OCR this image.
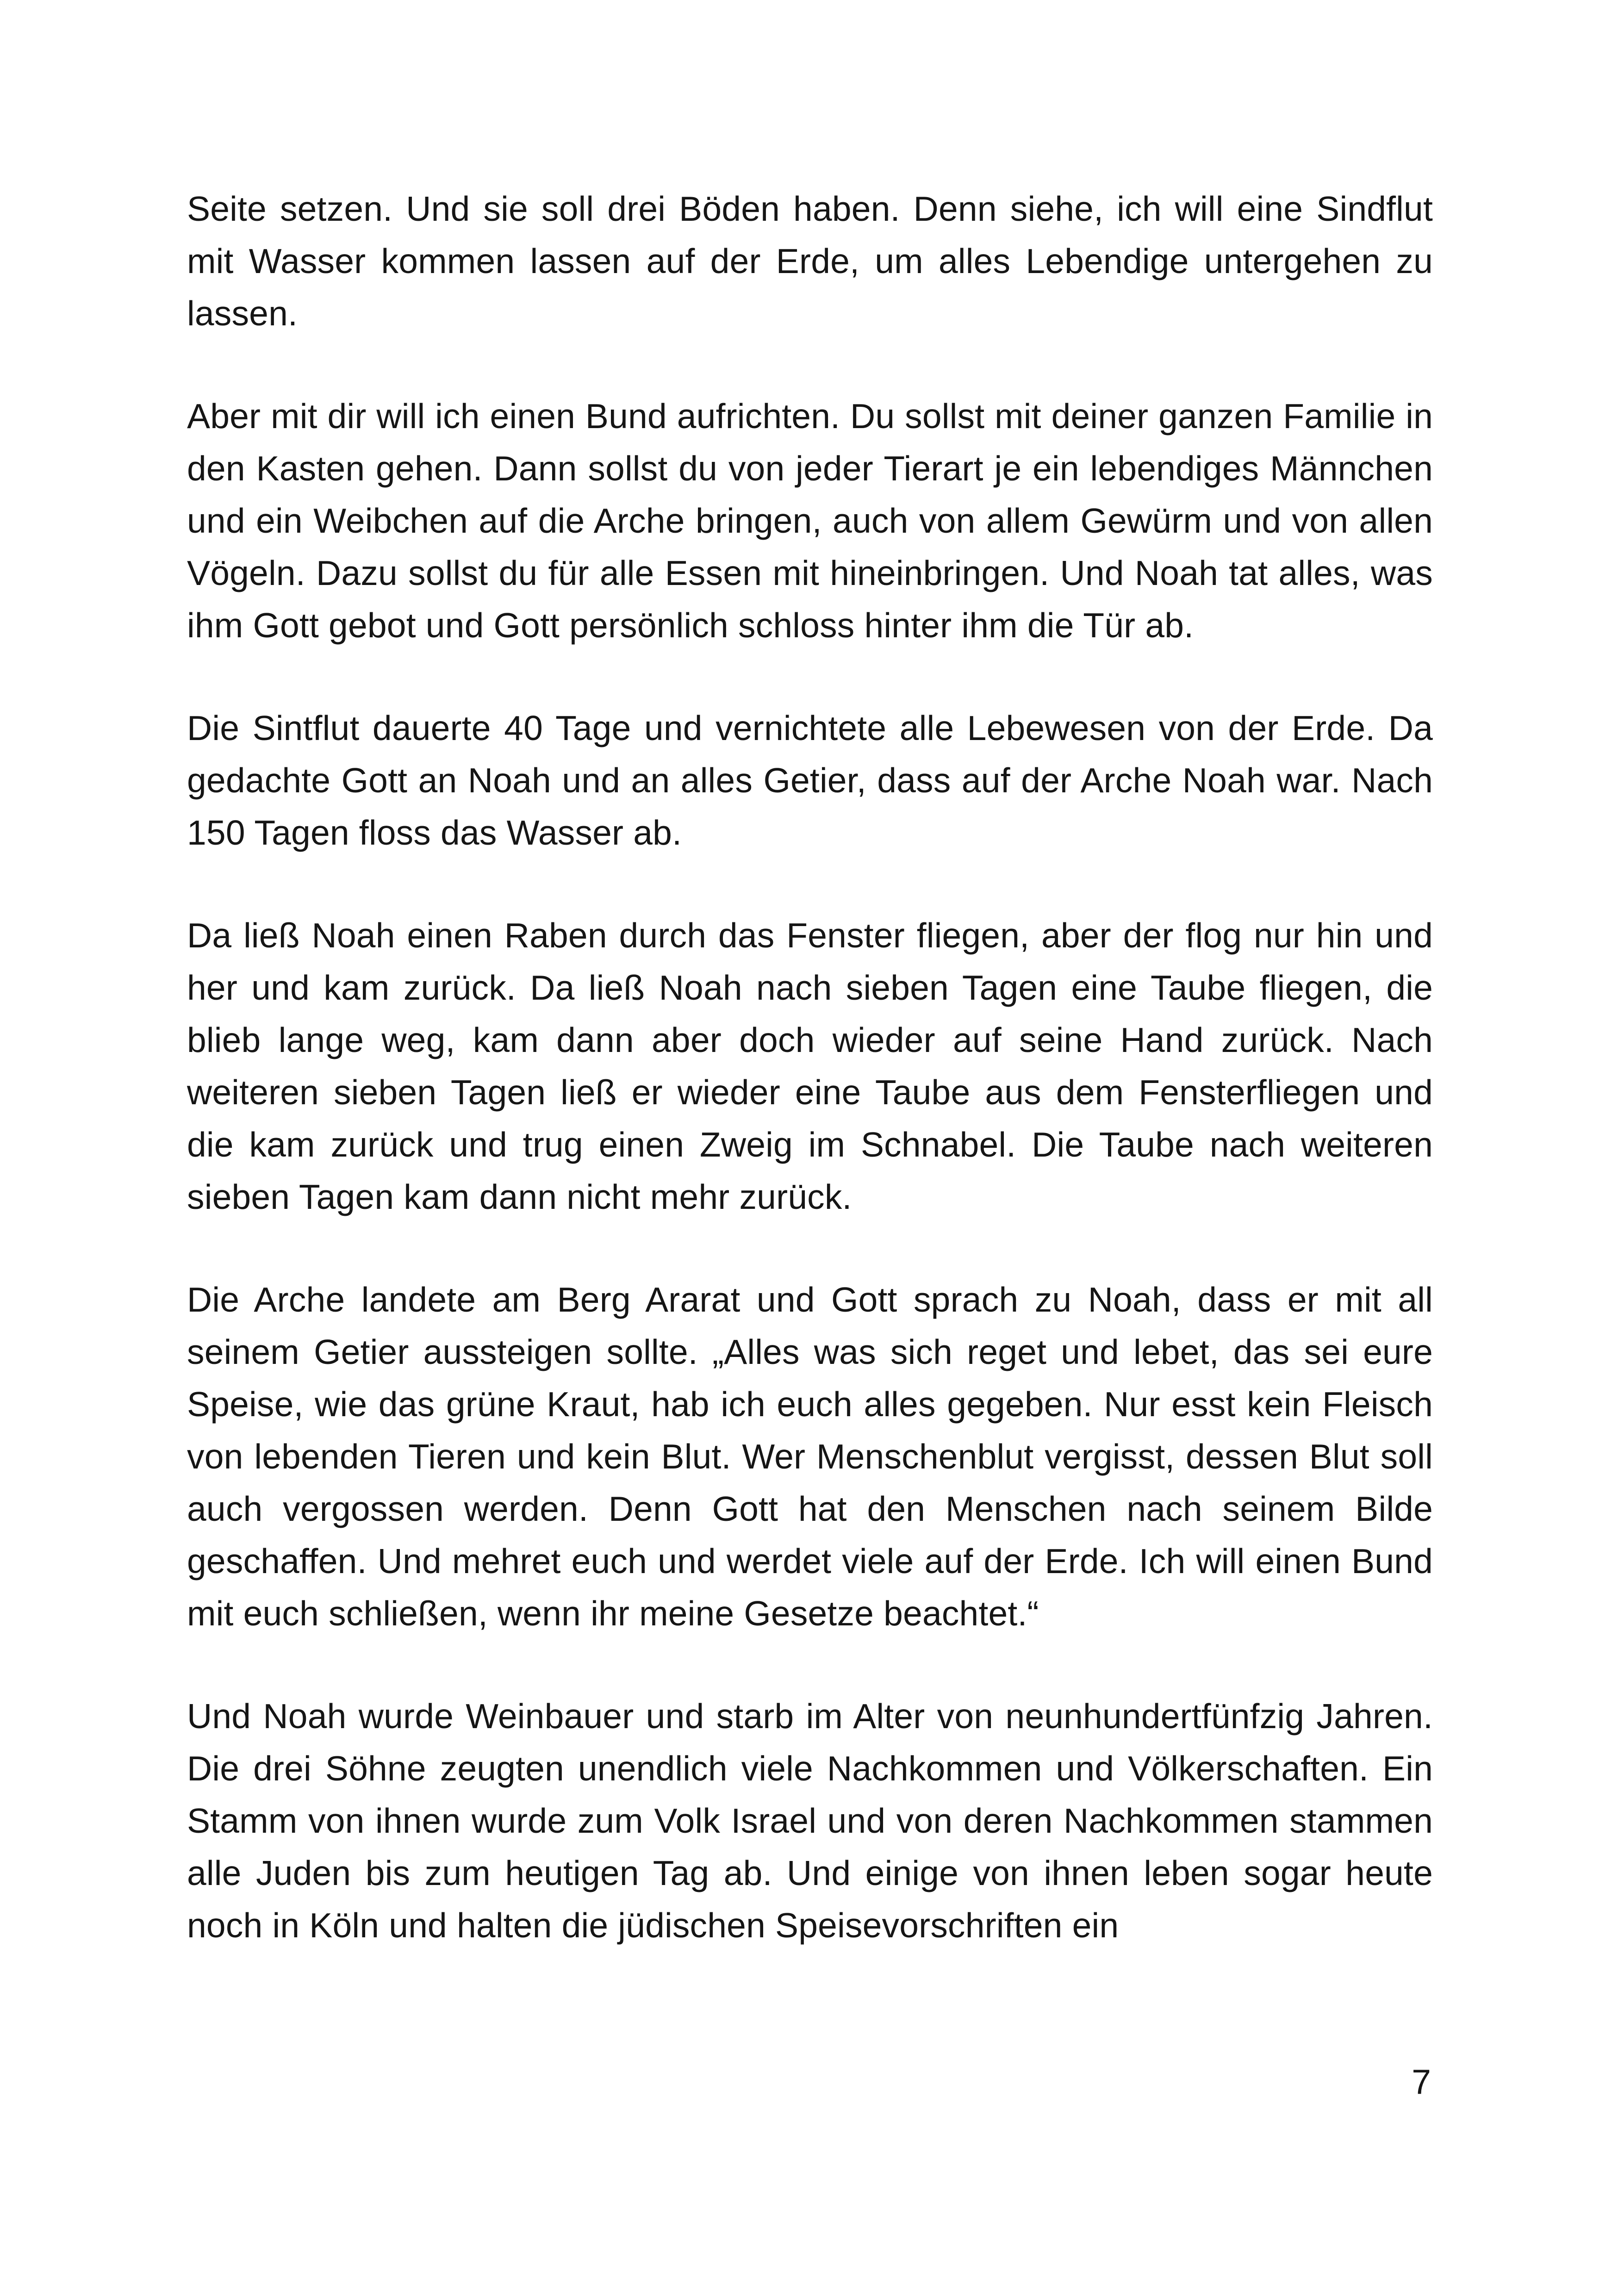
Seite setzen. Und sie soll drei Böden haben. Denn siehe, ich will eine Sindflut mit Wasser kommen lassen auf der Erde, um alles Lebendige untergehen zu lassen.

Aber mit dir will ich einen Bund aufrichten. Du sollst mit deiner ganzen Familie in den Kasten gehen. Dann sollst du von jeder Tierart je ein lebendiges Männchen und ein Weibchen auf die Arche bringen, auch von allem Gewürm und von allen Vögeln. Dazu sollst du für alle Essen mit hineinbringen. Und Noah tat alles, was ihm Gott gebot und Gott persönlich schloss hinter ihm die Tür ab.

Die Sintflut dauerte 40 Tage und vernichtete alle Lebewesen von der Erde. Da gedachte Gott an Noah und an alles Getier, dass auf der Arche Noah war. Nach 150 Tagen floss das Wasser ab.

Da ließ Noah einen Raben durch das Fenster fliegen, aber der flog nur hin und her und kam zurück. Da ließ Noah nach sieben Tagen eine Taube fliegen, die blieb lange weg, kam dann aber doch wieder auf seine Hand zurück. Nach weiteren sieben Tagen ließ er wieder eine Taube aus dem Fensterfliegen und die kam zurück und trug einen Zweig im Schnabel. Die Taube nach weiteren sieben Tagen kam dann nicht mehr zurück.

Die Arche landete am Berg Ararat und Gott sprach zu Noah, dass er mit all seinem Getier aussteigen sollte. „Alles was sich reget und lebet, das sei eure Speise, wie das grüne Kraut, hab ich euch alles gegeben. Nur esst kein Fleisch von lebenden Tieren und kein Blut. Wer Menschenblut vergisst, dessen Blut soll auch vergossen werden. Denn Gott hat den Menschen nach seinem Bilde geschaffen. Und mehret euch und werdet viele auf der Erde. Ich will einen Bund mit euch schließen, wenn ihr meine Gesetze beachtet.“

Und Noah wurde Weinbauer und starb im Alter von neunhundertfünfzig Jahren. Die drei Söhne zeugten unendlich viele Nachkommen und Völkerschaften. Ein Stamm von ihnen wurde zum Volk Israel und von deren Nachkommen stammen alle Juden bis zum heutigen Tag ab. Und einige von ihnen leben sogar heute noch in Köln und halten die jüdischen Speisevorschriften ein

7
